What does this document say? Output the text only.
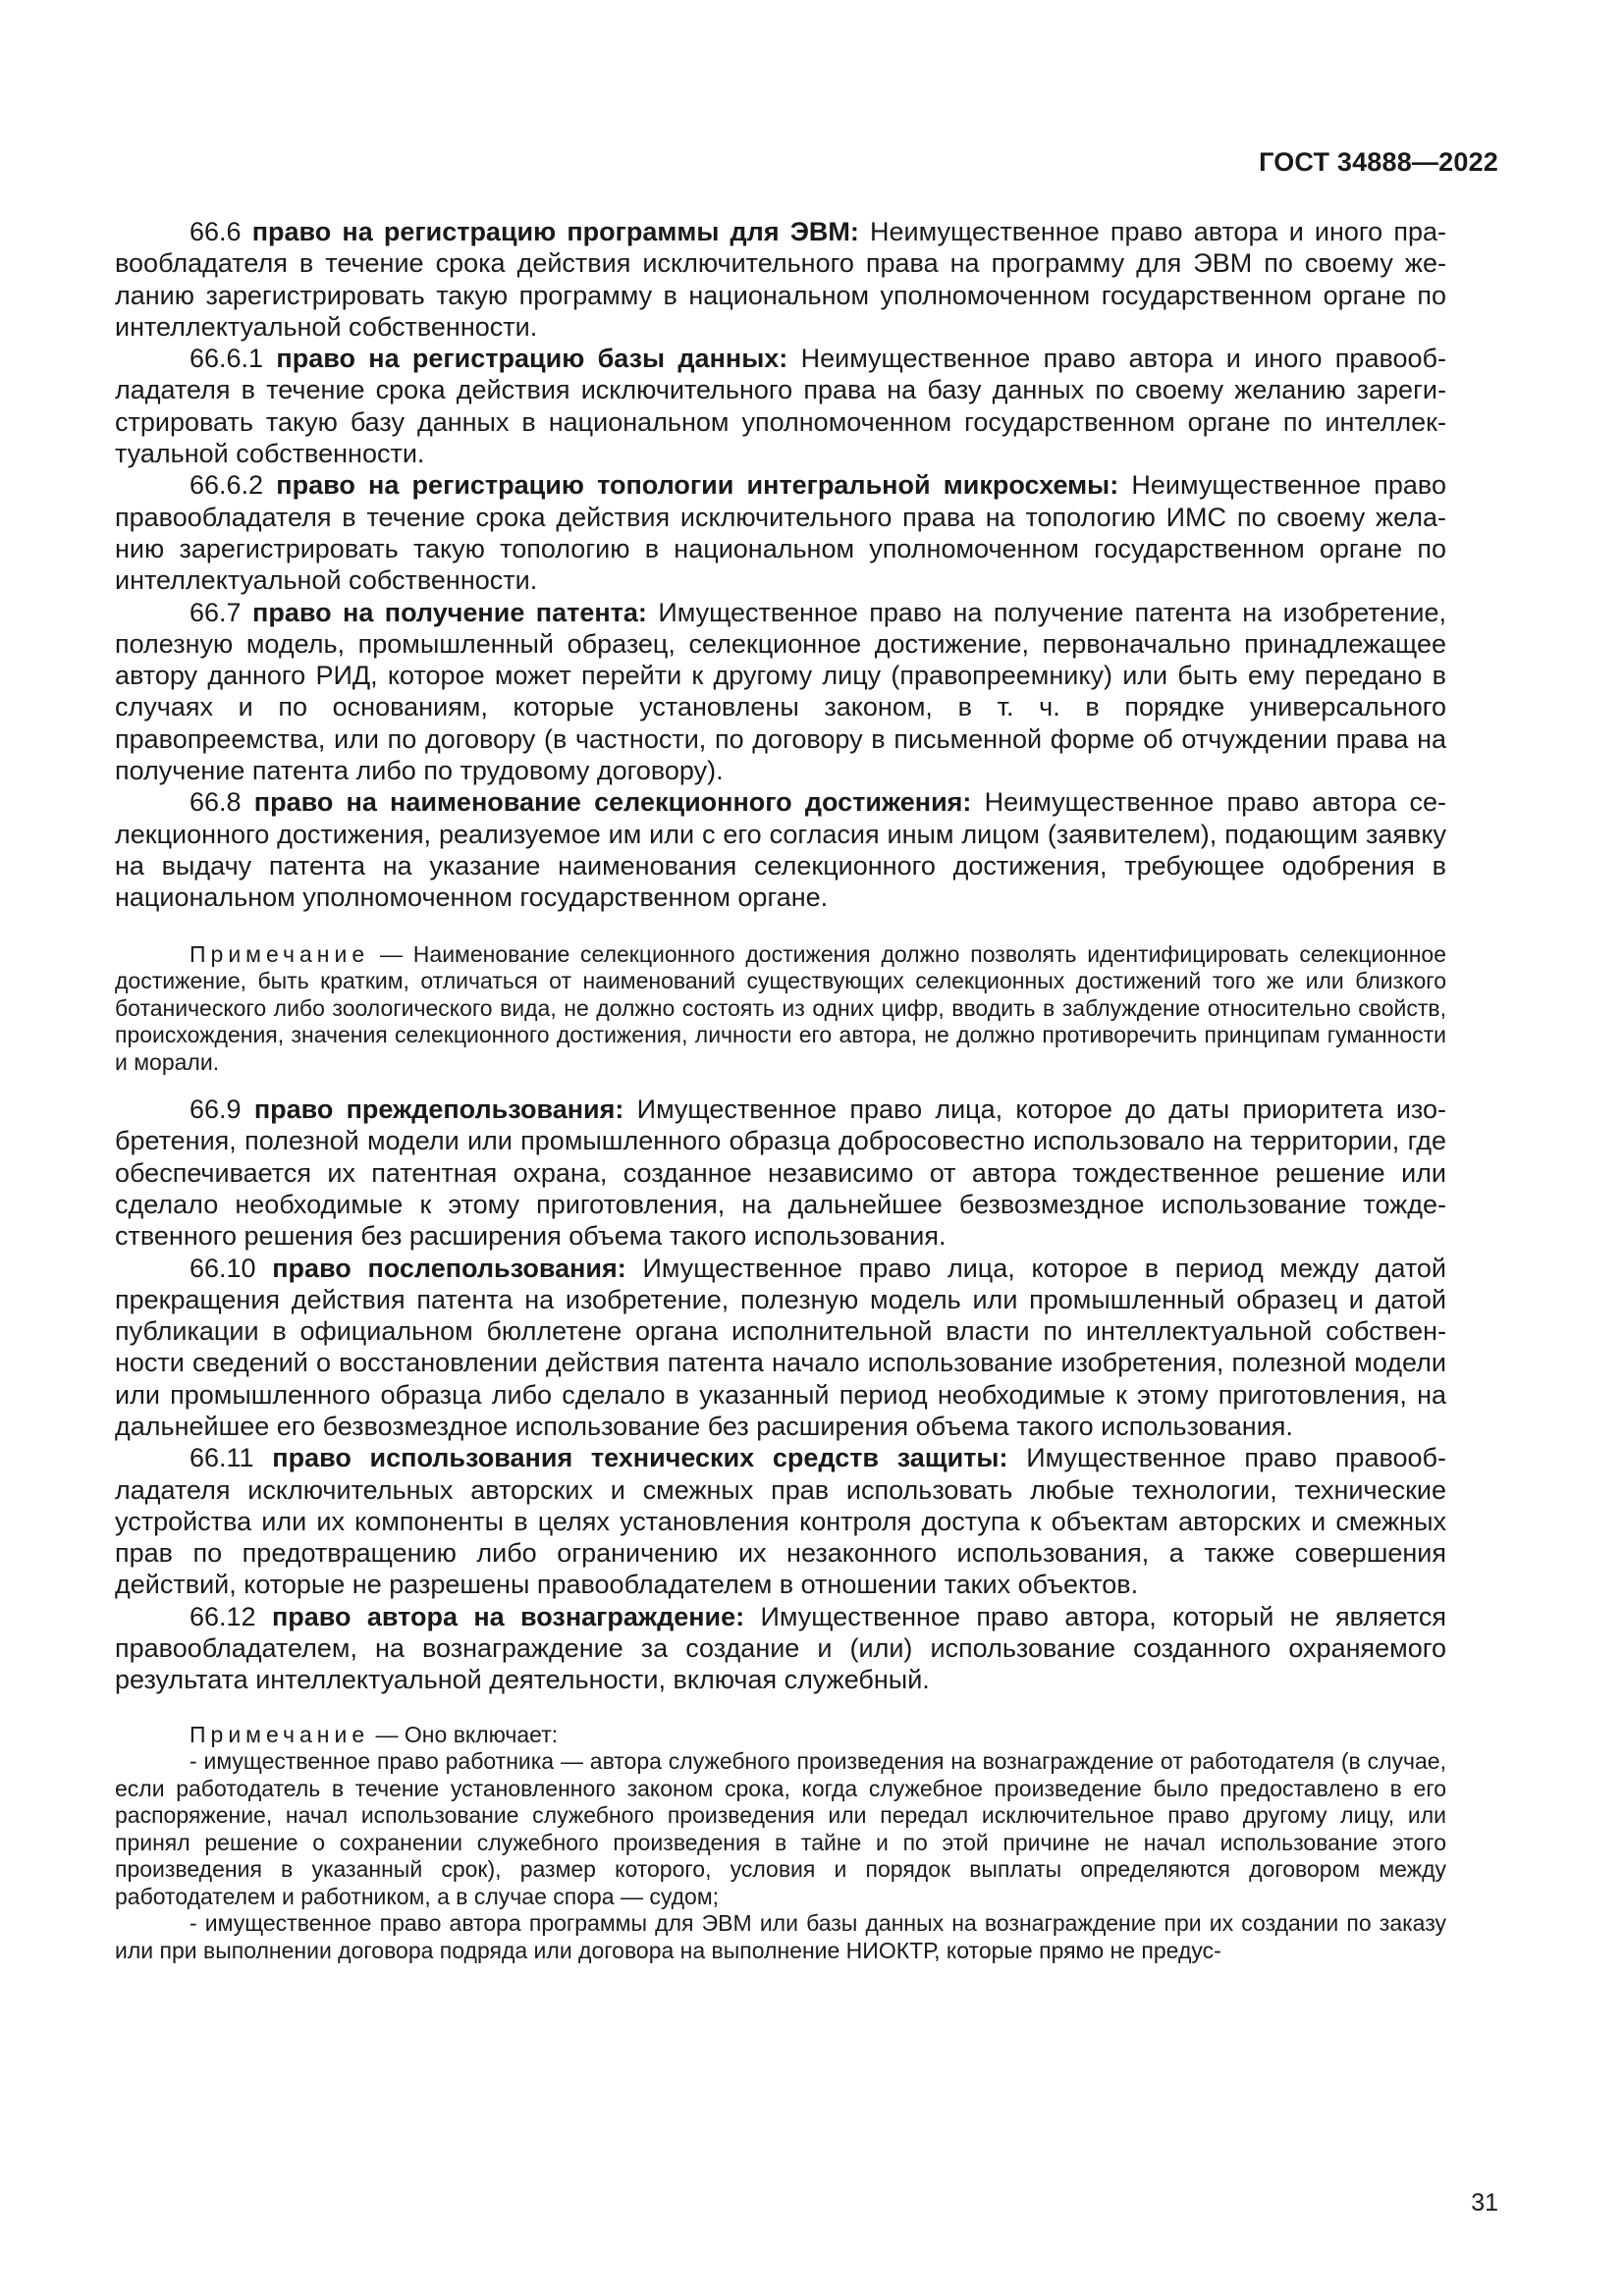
ГОСТ 34888—2022

66.6 право на регистрацию программы для ЭВМ: Неимущественное право автора и иного правообладателя в течение срока действия исключительного права на программу для ЭВМ по своему желанию зарегистрировать такую программу в национальном уполномоченном государственном органе по интеллектуальной собственности.

66.6.1 право на регистрацию базы данных: Неимущественное право автора и иного правообладателя в течение срока действия исключительного права на базу данных по своему желанию зарегистрировать такую базу данных в национальном уполномоченном государственном органе по интеллектуальной собственности.

66.6.2 право на регистрацию топологии интегральной микросхемы: Неимущественное право правообладателя в течение срока действия исключительного права на топологию ИМС по своему желанию зарегистрировать такую топологию в национальном уполномоченном государственном органе по интеллектуальной собственности.

66.7 право на получение патента: Имущественное право на получение патента на изобретение, полезную модель, промышленный образец, селекционное достижение, первоначально принадлежащее автору данного РИД, которое может перейти к другому лицу (правопреемнику) или быть ему передано в случаях и по основаниям, которые установлены законом, в т. ч. в порядке универсального правопреемства, или по договору (в частности, по договору в письменной форме об отчуждении права на получение патента либо по трудовому договору).

66.8 право на наименование селекционного достижения: Неимущественное право автора селекционного достижения, реализуемое им или с его согласия иным лицом (заявителем), подающим заявку на выдачу патента на указание наименования селекционного достижения, требующее одобрения в национальном уполномоченном государственном органе.

Примечание — Наименование селекционного достижения должно позволять идентифицировать селекционное достижение, быть кратким, отличаться от наименований существующих селекционных достижений того же или близкого ботанического либо зоологического вида, не должно состоять из одних цифр, вводить в заблуждение относительно свойств, происхождения, значения селекционного достижения, личности его автора, не должно противоречить принципам гуманности и морали.

66.9 право преждепользования: Имущественное право лица, которое до даты приоритета изобретения, полезной модели или промышленного образца добросовестно использовало на территории, где обеспечивается их патентная охрана, созданное независимо от автора тождественное решение или сделало необходимые к этому приготовления, на дальнейшее безвозмездное использование тождественного решения без расширения объема такого использования.

66.10 право послепользования: Имущественное право лица, которое в период между датой прекращения действия патента на изобретение, полезную модель или промышленный образец и датой публикации в официальном бюллетене органа исполнительной власти по интеллектуальной собственности сведений о восстановлении действия патента начало использование изобретения, полезной модели или промышленного образца либо сделало в указанный период необходимые к этому приготовления, на дальнейшее его безвозмездное использование без расширения объема такого использования.

66.11 право использования технических средств защиты: Имущественное право правообладателя исключительных авторских и смежных прав использовать любые технологии, технические устройства или их компоненты в целях установления контроля доступа к объектам авторских и смежных прав по предотвращению либо ограничению их незаконного использования, а также совершения действий, которые не разрешены правообладателем в отношении таких объектов.

66.12 право автора на вознаграждение: Имущественное право автора, который не является правообладателем, на вознаграждение за создание и (или) использование созданного охраняемого результата интеллектуальной деятельности, включая служебный.

Примечание — Оно включает:

- имущественное право работника — автора служебного произведения на вознаграждение от работодателя (в случае, если работодатель в течение установленного законом срока, когда служебное произведение было предоставлено в его распоряжение, начал использование служебного произведения или передал исключительное право другому лицу, или принял решение о сохранении служебного произведения в тайне и по этой причине не начал использование этого произведения в указанный срок), размер которого, условия и порядок выплаты определяются договором между работодателем и работником, а в случае спора — судом;

- имущественное право автора программы для ЭВМ или базы данных на вознаграждение при их создании по заказу или при выполнении договора подряда или договора на выполнение НИОКТР, которые прямо не предус-

31
